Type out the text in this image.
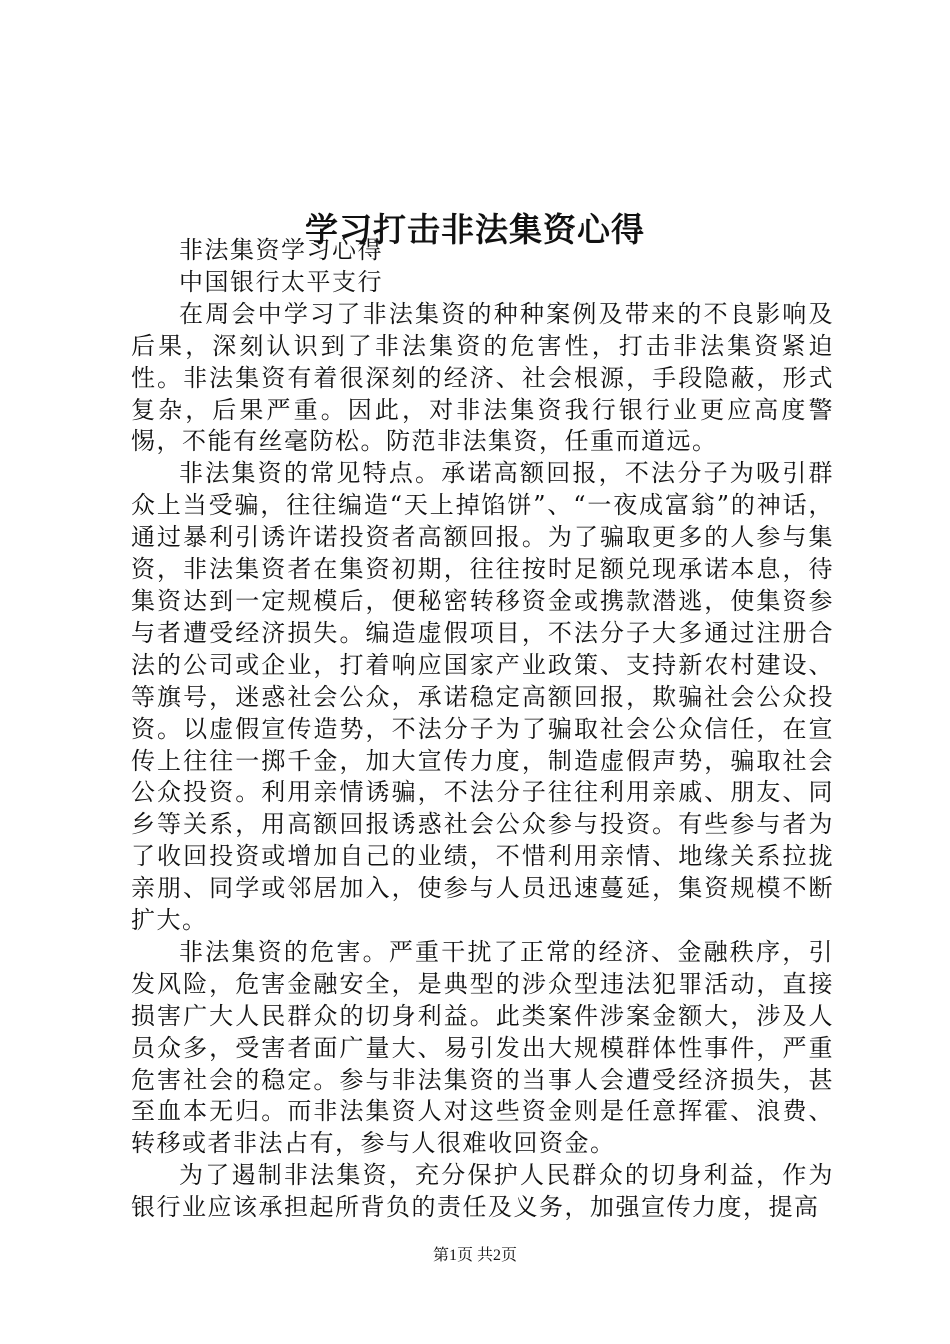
学习打击非法集资心得

非法集资学习心得

中国银行太平支行

在周会中学习了非法集资的种种案例及带来的不良影响及后果，深刻认识到了非法集资的危害性，打击非法集资紧迫性。非法集资有着很深刻的经济、社会根源，手段隐蔽，形式复杂，后果严重。因此，对非法集资我行银行业更应高度警惕，不能有丝毫防松。防范非法集资，任重而道远。

非法集资的常见特点。承诺高额回报，不法分子为吸引群众上当受骗，往往编造“天上掉馅饼”、“一夜成富翁”的神话，通过暴利引诱许诺投资者高额回报。为了骗取更多的人参与集资，非法集资者在集资初期，往往按时足额兑现承诺本息，待集资达到一定规模后，便秘密转移资金或携款潜逃，使集资参与者遭受经济损失。编造虚假项目，不法分子大多通过注册合法的公司或企业，打着响应国家产业政策、支持新农村建设、等旗号，迷惑社会公众，承诺稳定高额回报，欺骗社会公众投资。以虚假宣传造势，不法分子为了骗取社会公众信任，在宣传上往往一掷千金，加大宣传力度，制造虚假声势，骗取社会公众投资。利用亲情诱骗，不法分子往往利用亲戚、朋友、同乡等关系，用高额回报诱惑社会公众参与投资。有些参与者为了收回投资或增加自己的业绩，不惜利用亲情、地缘关系拉拢亲朋、同学或邻居加入，使参与人员迅速蔓延，集资规模不断扩大。

非法集资的危害。严重干扰了正常的经济、金融秩序，引发风险，危害金融安全，是典型的涉众型违法犯罪活动，直接损害广大人民群众的切身利益。此类案件涉案金额大，涉及人员众多，受害者面广量大、易引发出大规模群体性事件，严重危害社会的稳定。参与非法集资的当事人会遭受经济损失，甚至血本无归。而非法集资人对这些资金则是任意挥霍、浪费、转移或者非法占有，参与人很难收回资金。

为了遏制非法集资，充分保护人民群众的切身利益，作为银行业应该承担起所背负的责任及义务，加强宣传力度，提高

第1页 共2页
